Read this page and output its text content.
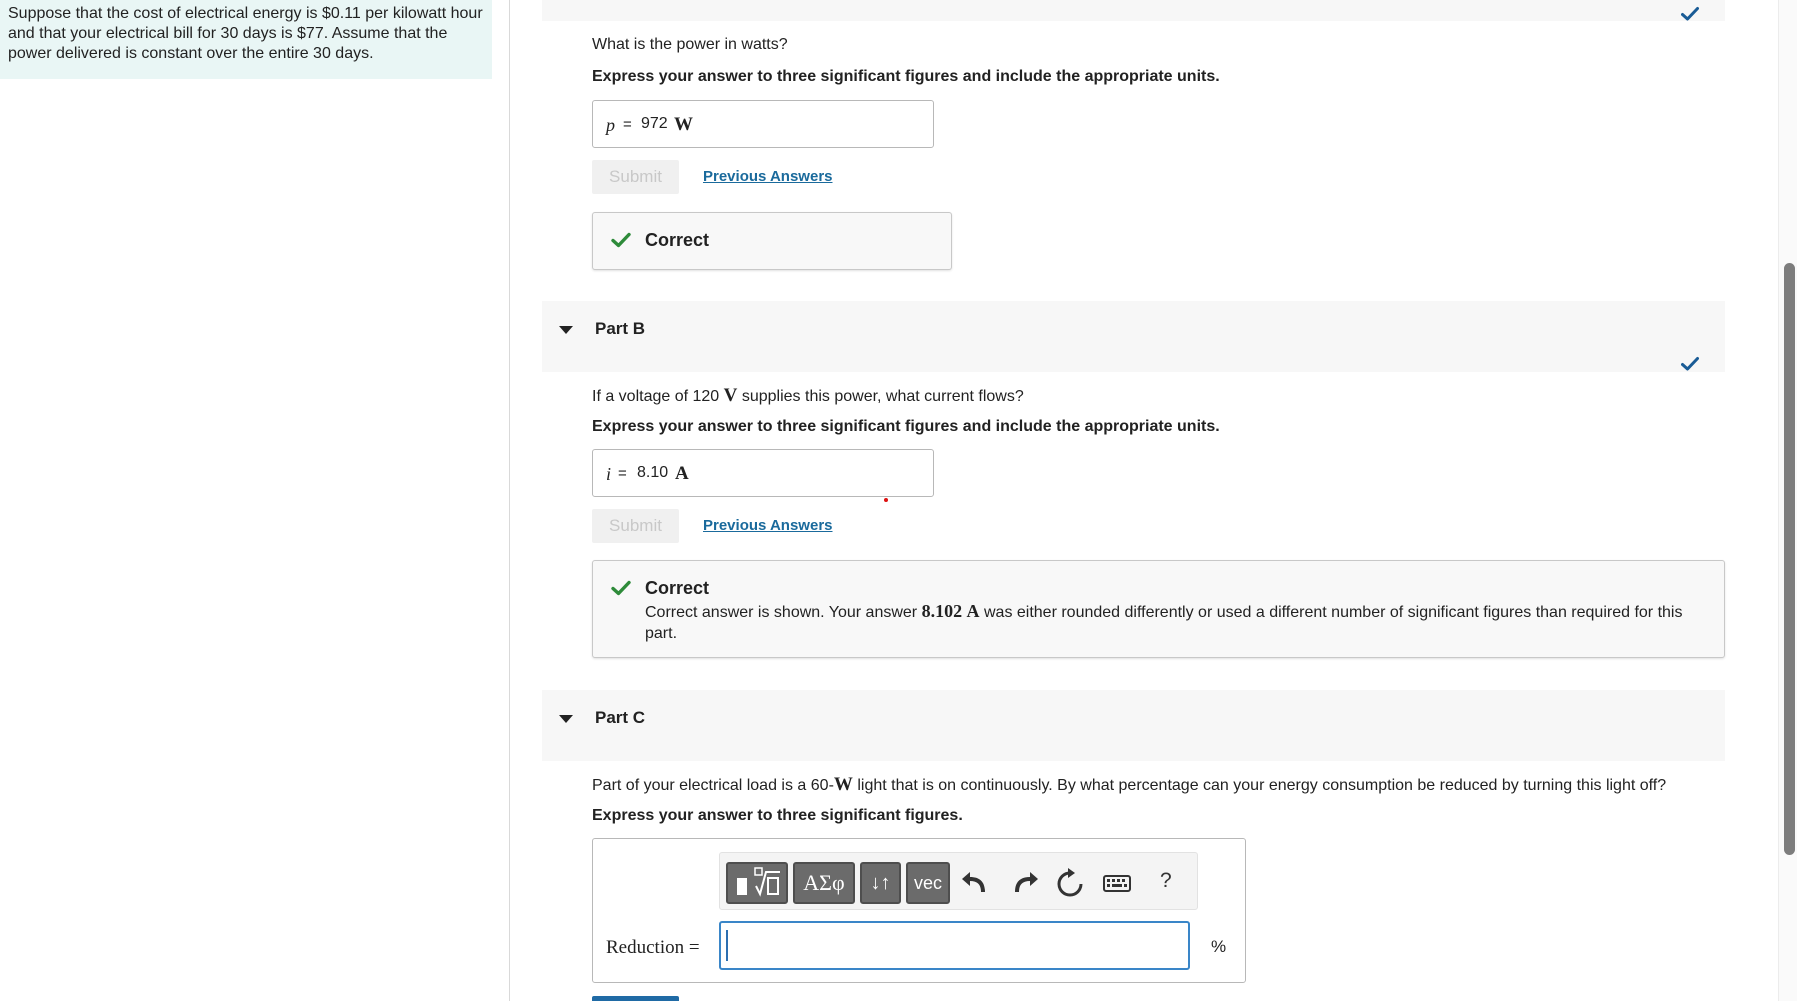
Suppose that the cost of electrical energy is $0.11 per kilowatt hour and that your electrical bill for 30 days is $77. Assume that the power delivered is constant over the entire 30 days.
What is the power in watts?
Express your answer to three significant figures and include the appropriate units.
p = 972 W
Submit	Previous Answers
Correct
Part B
If a voltage of 120 V supplies this power, what current flows?
Express your answer to three significant figures and include the appropriate units.
i = 8.10 A
Submit	Previous Answers
Correct
Correct answer is shown. Your answer 8.102 A was either rounded differently or used a different number of significant figures than required for this part.
Part C
Part of your electrical load is a 60-W light that is on continuously. By what percentage can your energy consumption be reduced by turning this light off?
Express your answer to three significant figures.
ΑΣφ	↓↑	vec	?
Reduction =	%
